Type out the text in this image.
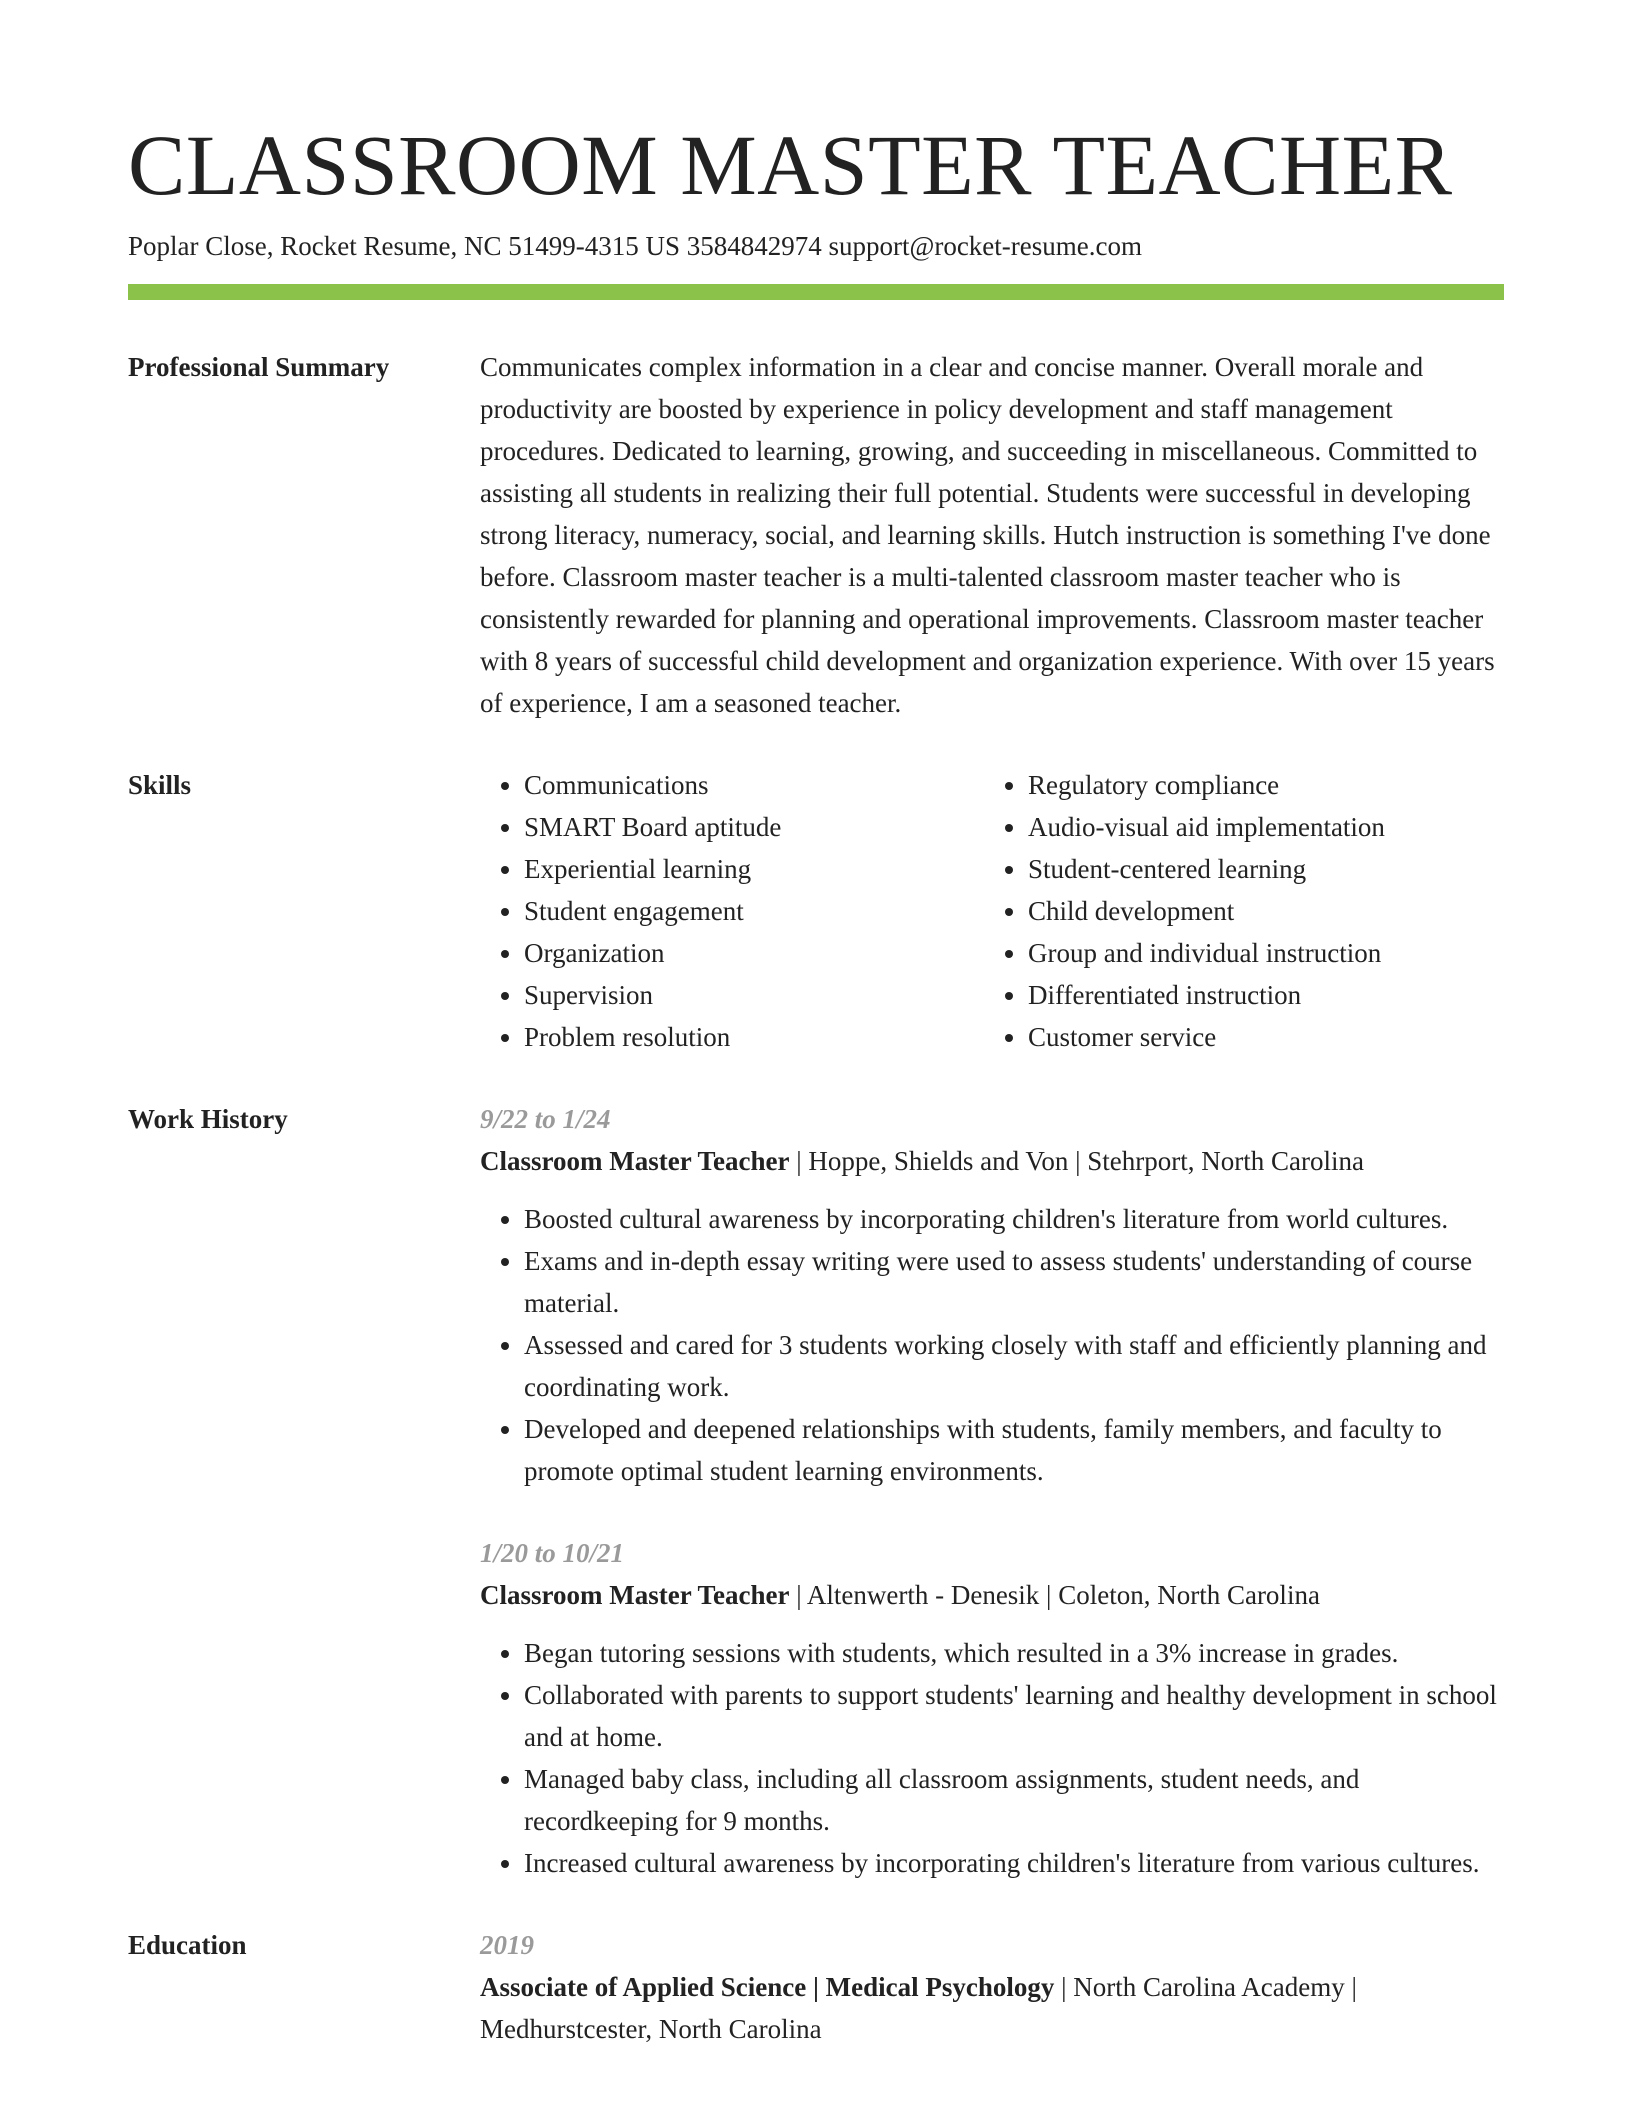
CLASSROOM MASTER TEACHER
Poplar Close, Rocket Resume, NC 51499-4315 US 3584842974 support@rocket-resume.com
Professional Summary	Communicates complex information in a clear and concise manner. Overall morale and productivity are boosted by experience in policy development and staff management procedures. Dedicated to learning, growing, and succeeding in miscellaneous. Committed to assisting all students in realizing their full potential. Students were successful in developing strong literacy, numeracy, social, and learning skills. Hutch instruction is something I've done before. Classroom master teacher is a multi-talented classroom master teacher who is consistently rewarded for planning and operational improvements. Classroom master teacher with 8 years of successful child development and organization experience. With over 15 years of experience, I am a seasoned teacher.

Skills
•	Communications
• SMART Board aptitude
• Experiential learning
• Student engagement
• Organization
• Supervision
• Problem resolution
• Regulatory compliance
• Audio-visual aid implementation
• Student-centered learning
• Child development
• Group and individual instruction
• Differentiated instruction
• Customer service
Work History	9/22 to 1/24
Classroom Master Teacher | Hoppe, Shields and Von | Stehrport, North Carolina
• Boosted cultural awareness by incorporating children's literature from world cultures.
• Exams and in-depth essay writing were used to assess students' understanding of course material.
• Assessed and cared for 3 students working closely with staff and efficiently planning and coordinating work.
• Developed and deepened relationships with students, family members, and faculty to promote optimal student learning environments.
1/20 to 10/21
Classroom Master Teacher | Altenwerth - Denesik | Coleton, North Carolina
• Began tutoring sessions with students, which resulted in a 3% increase in grades.
• Collaborated with parents to support students' learning and healthy development in school and at home.
• Managed baby class, including all classroom assignments, student needs, and recordkeeping for 9 months.
• Increased cultural awareness by incorporating children's literature from various cultures.
Education	2019
Associate of Applied Science | Medical Psychology | North Carolina Academy | Medhurstcester, North Carolina
